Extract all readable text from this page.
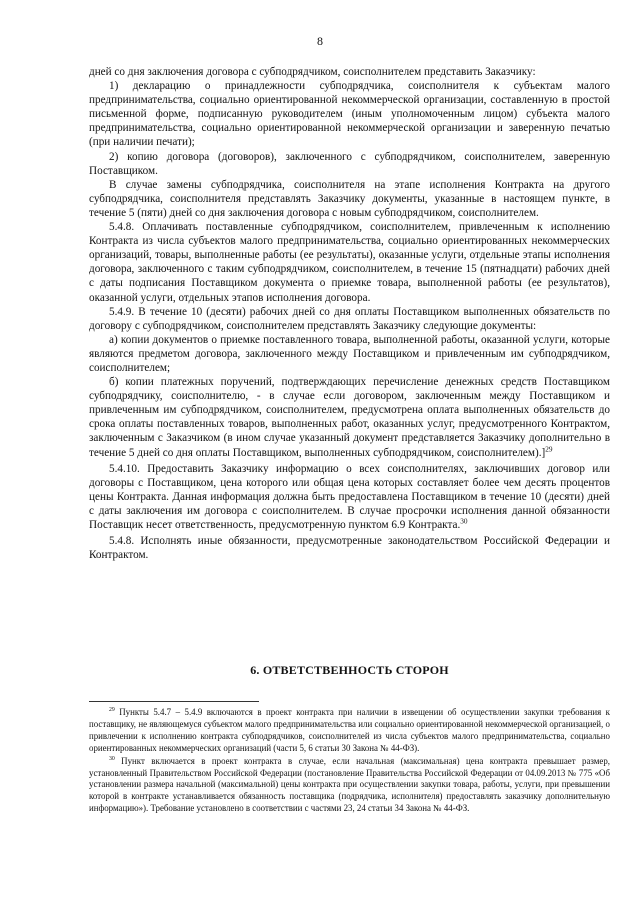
8

дней со дня заключения договора с субподрядчиком, соисполнителем представить Заказчику:

1) декларацию о принадлежности субподрядчика, соисполнителя к субъектам малого предпринимательства, социально ориентированной некоммерческой организации, составленную в простой письменной форме, подписанную руководителем (иным уполномоченным лицом) субъекта малого предпринимательства, социально ориентированной некоммерческой организации и заверенную печатью (при наличии печати);

2) копию договора (договоров), заключенного с субподрядчиком, соисполнителем, заверенную Поставщиком.

В случае замены субподрядчика, соисполнителя на этапе исполнения Контракта на другого субподрядчика, соисполнителя представлять Заказчику документы, указанные в настоящем пункте, в течение 5 (пяти) дней со дня заключения договора с новым субподрядчиком, соисполнителем.

5.4.8. Оплачивать поставленные субподрядчиком, соисполнителем, привлеченным к исполнению Контракта из числа субъектов малого предпринимательства, социально ориентированных некоммерческих организаций, товары, выполненные работы (ее результаты), оказанные услуги, отдельные этапы исполнения договора, заключенного с таким субподрядчиком, соисполнителем, в течение 15 (пятнадцати) рабочих дней с даты подписания Поставщиком документа о приемке товара, выполненной работы (ее результатов), оказанной услуги, отдельных этапов исполнения договора.

5.4.9. В течение 10 (десяти) рабочих дней со дня оплаты Поставщиком выполненных обязательств по договору с субподрядчиком, соисполнителем представлять Заказчику следующие документы:

а) копии документов о приемке поставленного товара, выполненной работы, оказанной услуги, которые являются предметом договора, заключенного между Поставщиком и привлеченным им субподрядчиком, соисполнителем;

б) копии платежных поручений, подтверждающих перечисление денежных средств Поставщиком субподрядчику, соисполнителю, - в случае если договором, заключенным между Поставщиком и привлеченным им субподрядчиком, соисполнителем, предусмотрена оплата выполненных обязательств до срока оплаты поставленных товаров, выполненных работ, оказанных услуг, предусмотренного Контрактом, заключенным с Заказчиком (в ином случае указанный документ представляется Заказчику дополнительно в течение 5 дней со дня оплаты Поставщиком, выполненных субподрядчиком, соисполнителем).]$^{29}$

5.4.10. Предоставить Заказчику информацию о всех соисполнителях, заключивших договор или договоры с Поставщиком, цена которого или общая цена которых составляет более чем десять процентов цены Контракта. Данная информация должна быть предоставлена Поставщиком в течение 10 (десяти) дней с даты заключения им договора с соисполнителем. В случае просрочки исполнения данной обязанности Поставщик несет ответственность, предусмотренную пунктом 6.9 Контракта.$^{30}$

5.4.8. Исполнять иные обязанности, предусмотренные законодательством Российской Федерации и Контрактом.

6. ОТВЕТСТВЕННОСТЬ СТОРОН

$^{29}$ Пункты 5.4.7 – 5.4.9 включаются в проект контракта при наличии в извещении об осуществлении закупки требования к поставщику, не являющемуся субъектом малого предпринимательства или социально ориентированной некоммерческой организацией, о привлечении к исполнению контракта субподрядчиков, соисполнителей из числа субъектов малого предпринимательства, социально ориентированных некоммерческих организаций (части 5, 6 статьи 30 Закона № 44-ФЗ).

$^{30}$ Пункт включается в проект контракта в случае, если начальная (максимальная) цена контракта превышает размер, установленный Правительством Российской Федерации (постановление Правительства Российской Федерации от 04.09.2013 № 775 «Об установлении размера начальной (максимальной) цены контракта при осуществлении закупки товара, работы, услуги, при превышении которой в контракте устанавливается обязанность поставщика (подрядчика, исполнителя) предоставлять заказчику дополнительную информацию»). Требование установлено в соответствии с частями 23, 24 статьи 34 Закона № 44-ФЗ.
